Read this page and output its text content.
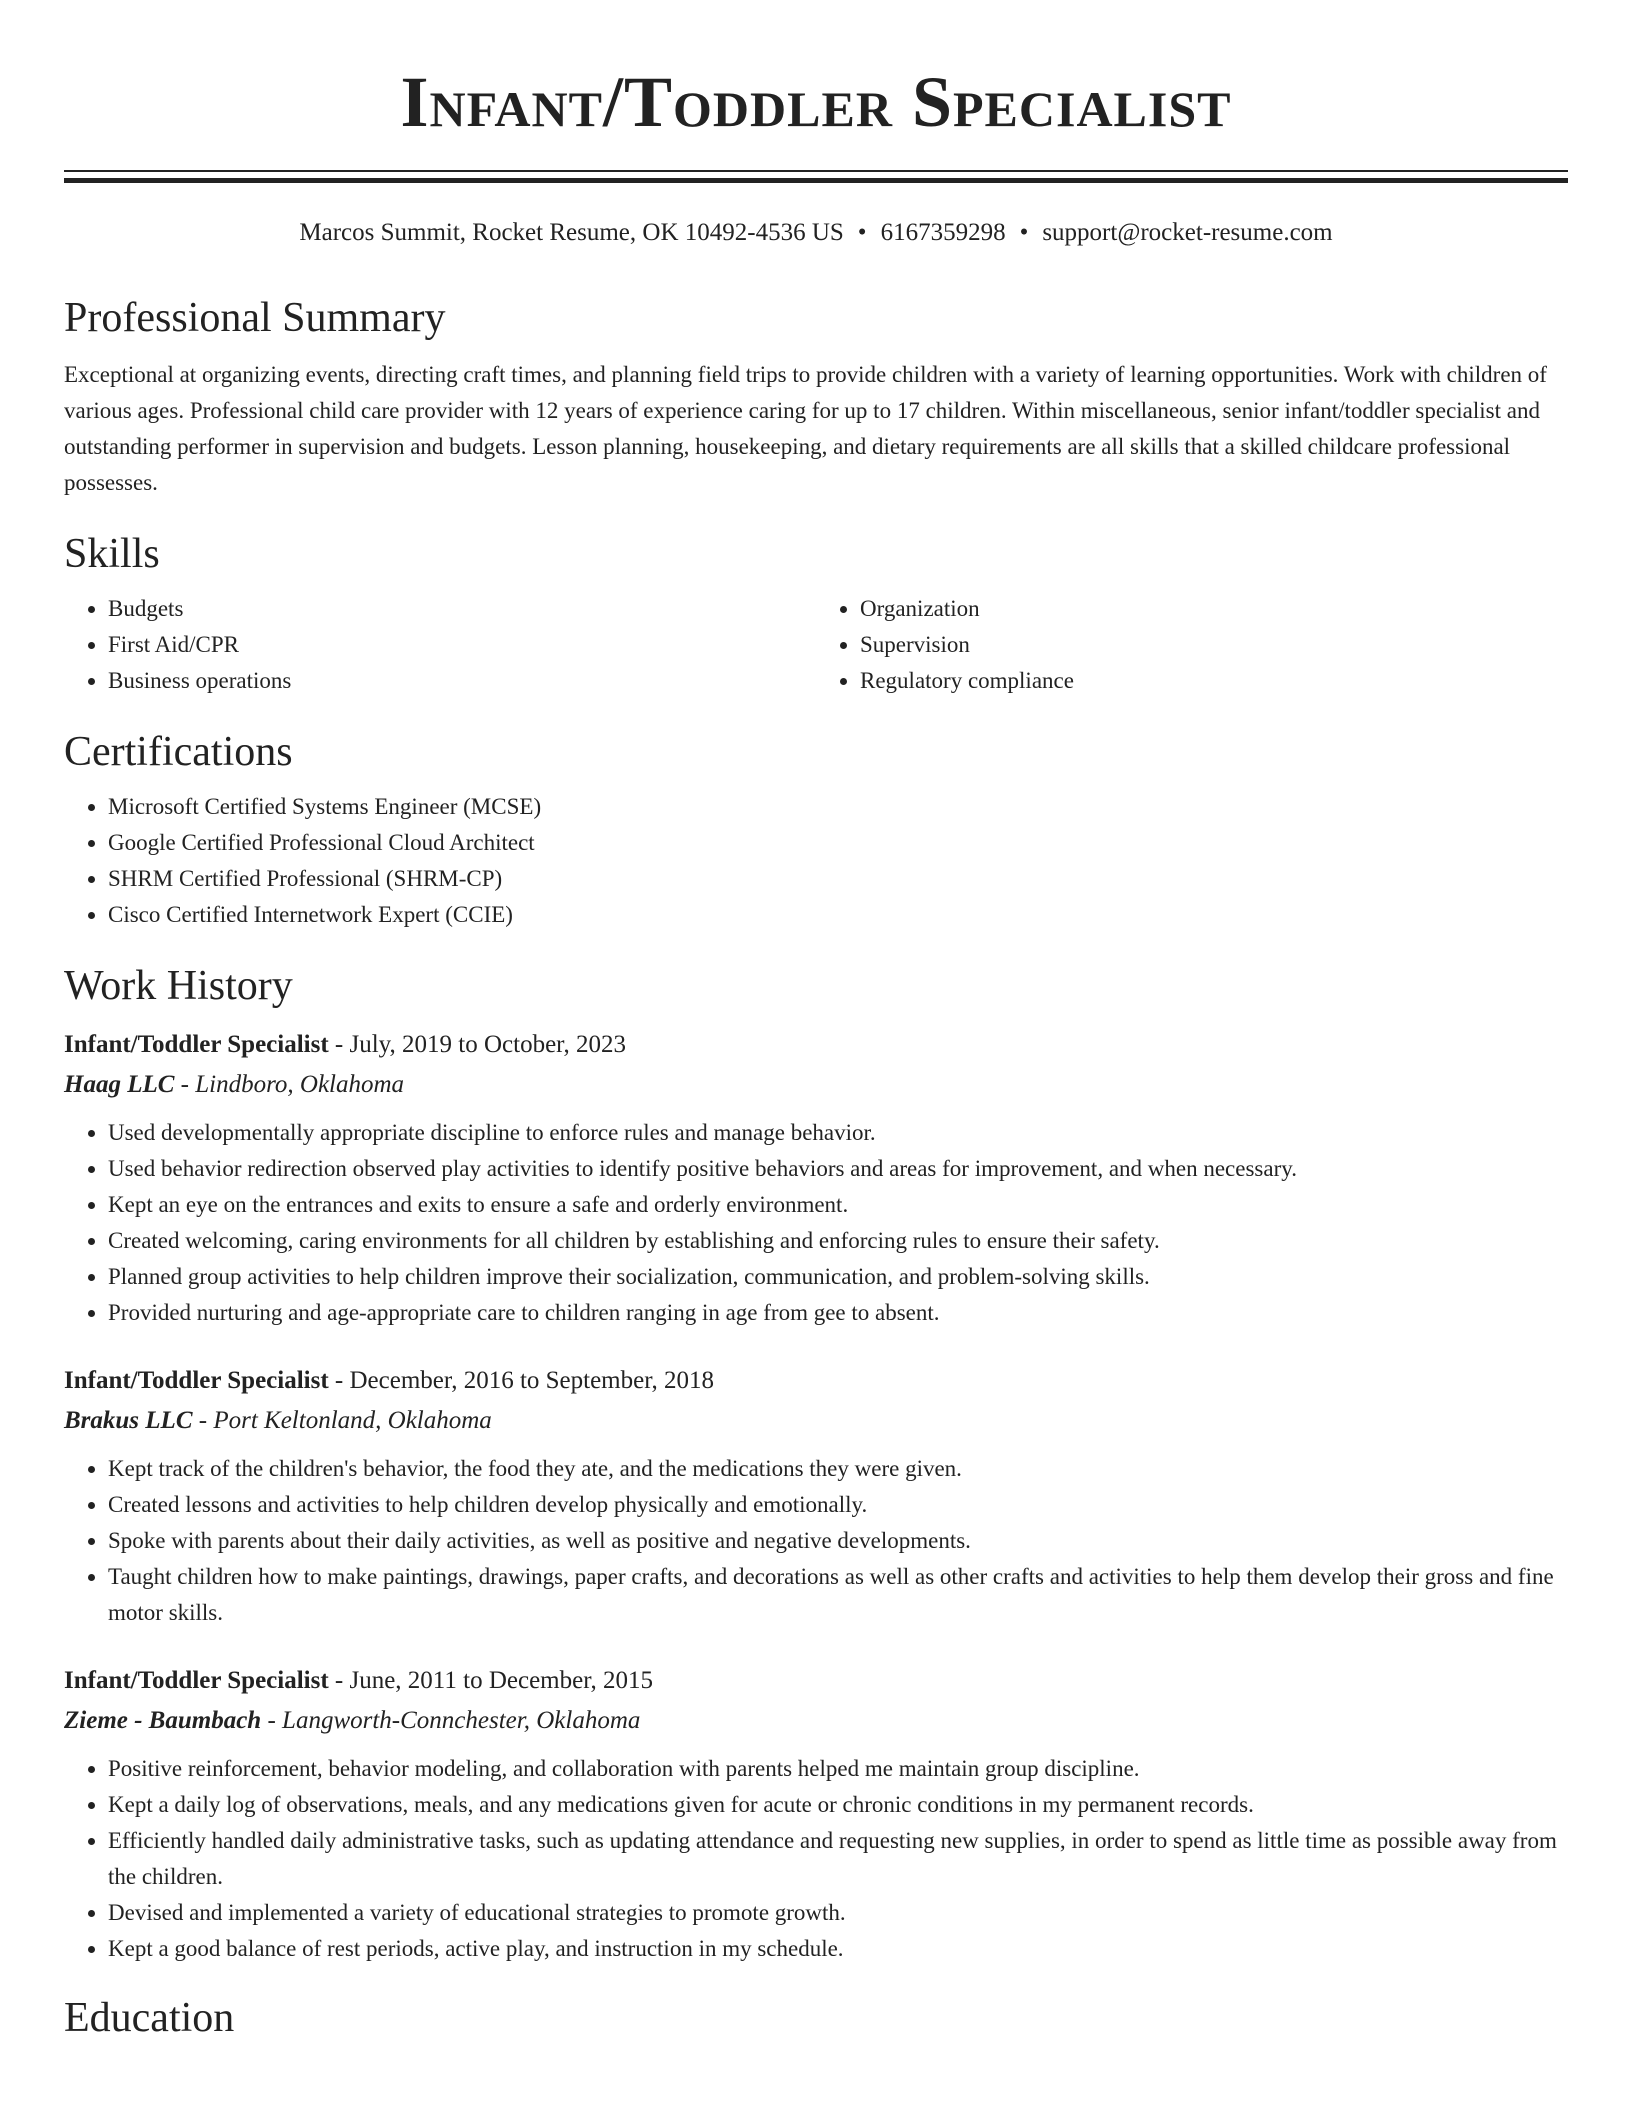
Infant/Toddler Specialist
Marcos Summit, Rocket Resume, OK 10492-4536 US • 6167359298 • support@rocket-resume.com
Professional Summary

Exceptional at organizing events, directing craft times, and planning field trips to provide children with a variety of learning opportunities. Work with children of various ages. Professional child care provider with 12 years of experience caring for up to 17 children. Within miscellaneous, senior infant/toddler specialist and outstanding performer in supervision and budgets. Lesson planning, housekeeping, and dietary requirements are all skills that a skilled childcare professional possesses.

Skills
• Budgets
• First Aid/CPR
• Business operations
• Organization
• Supervision
• Regulatory compliance
Certifications
• Microsoft Certified Systems Engineer (MCSE)
• Google Certified Professional Cloud Architect
• SHRM Certified Professional (SHRM-CP)
• Cisco Certified Internetwork Expert (CCIE)
Work History

Infant/Toddler Specialist - July, 2019 to October, 2023

Haag LLC - Lindboro, Oklahoma

• Used developmentally appropriate discipline to enforce rules and manage behavior.
• Used behavior redirection observed play activities to identify positive behaviors and areas for improvement, and when necessary.
• Kept an eye on the entrances and exits to ensure a safe and orderly environment.
• Created welcoming, caring environments for all children by establishing and enforcing rules to ensure their safety.
• Planned group activities to help children improve their socialization, communication, and problem-solving skills.
• Provided nurturing and age-appropriate care to children ranging in age from gee to absent.

Infant/Toddler Specialist - December, 2016 to September, 2018

Brakus LLC - Port Keltonland, Oklahoma

• Kept track of the children's behavior, the food they ate, and the medications they were given.
• Created lessons and activities to help children develop physically and emotionally.
• Spoke with parents about their daily activities, as well as positive and negative developments.
• Taught children how to make paintings, drawings, paper crafts, and decorations as well as other crafts and activities to help them develop their gross and fine motor skills.

Infant/Toddler Specialist - June, 2011 to December, 2015

Zieme - Baumbach - Langworth-Connchester, Oklahoma

• Positive reinforcement, behavior modeling, and collaboration with parents helped me maintain group discipline.
• Kept a daily log of observations, meals, and any medications given for acute or chronic conditions in my permanent records.
• Efficiently handled daily administrative tasks, such as updating attendance and requesting new supplies, in order to spend as little time as possible away from the children.
• Devised and implemented a variety of educational strategies to promote growth.
• Kept a good balance of rest periods, active play, and instruction in my schedule.
Education
